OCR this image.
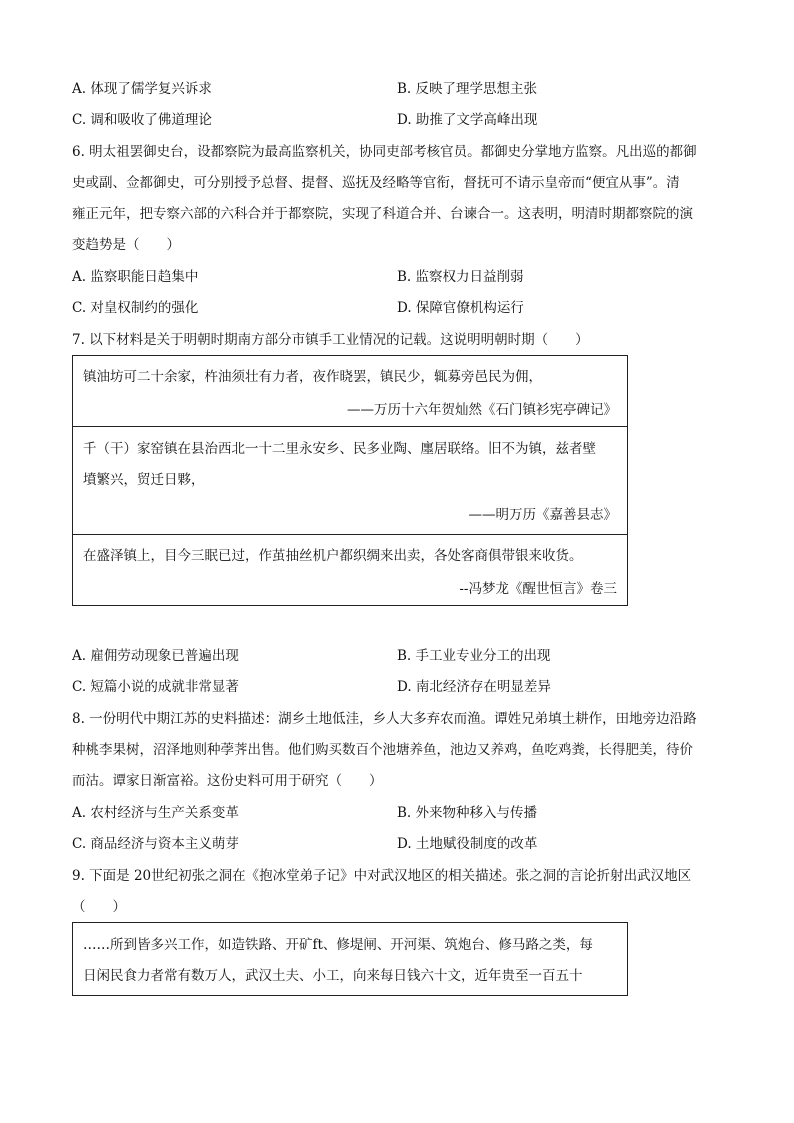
A. 体现了儒学复兴诉求	B. 反映了理学思想主张
C. 调和吸收了佛道理论	D. 助推了文学高峰出现
6. 明太祖罢御史台，设都察院为最高监察机关，协同吏部考核官员。都御史分掌地方监察。凡出巡的都御
史或副、佥都御史，可分别授予总督、提督、巡抚及经略等官衔，督抚可不请示皇帝而“便宜从事”。清
雍正元年，把专察六部的六科合并于都察院，实现了科道合并、台谏合一。这表明，明清时期都察院的演
变趋势是（　　）
A. 监察职能日趋集中	B. 监察权力日益削弱
C. 对皇权制约的强化	D. 保障官僚机构运行
7. 以下材料是关于明朝时期南方部分市镇手工业情况的记载。这说明明朝时期（　　）
镇油坊可二十余家，杵油须壮有力者，夜作晓罢，镇民少，辄募旁邑民为佣，
——万历十六年贺灿然《石门镇衫宪亭碑记》
千（干）家窑镇在县治西北一十二里永安乡、民多业陶、廛居联络。旧不为镇，兹者壁
墳繁兴，贸迁日夥，
——明万历《嘉善县志》
在盛泽镇上，目今三眠已过，作茧抽丝机户都织绸来出卖，各处客商俱带银来收货。
--冯梦龙《醒世恒言》卷三
A. 雇佣劳动现象已普遍出现	B. 手工业专业分工的出现
C. 短篇小说的成就非常显著	D. 南北经济存在明显差异
8. 一份明代中期江苏的史料描述：湖乡土地低洼，乡人大多弃农而渔。谭姓兄弟填土耕作，田地旁边沿路
种桃李果树，沼泽地则种荸荠出售。他们购买数百个池塘养鱼，池边又养鸡，鱼吃鸡粪，长得肥美，待价
而沽。谭家日渐富裕。这份史料可用于研究（　　）
A. 农村经济与生产关系变革	B. 外来物种移入与传播
C. 商品经济与资本主义萌芽	D. 土地赋役制度的改革
9. 下面是 20世纪初张之洞在《抱冰堂弟子记》中对武汉地区的相关描述。张之洞的言论折射出武汉地区
（　　）
……所到皆多兴工作，如造铁路、开矿ft、修堤闸、开河渠、筑炮台、修马路之类，每
日闲民食力者常有数万人，武汉土夫、小工，向来每日钱六十文，近年贵至一百五十
